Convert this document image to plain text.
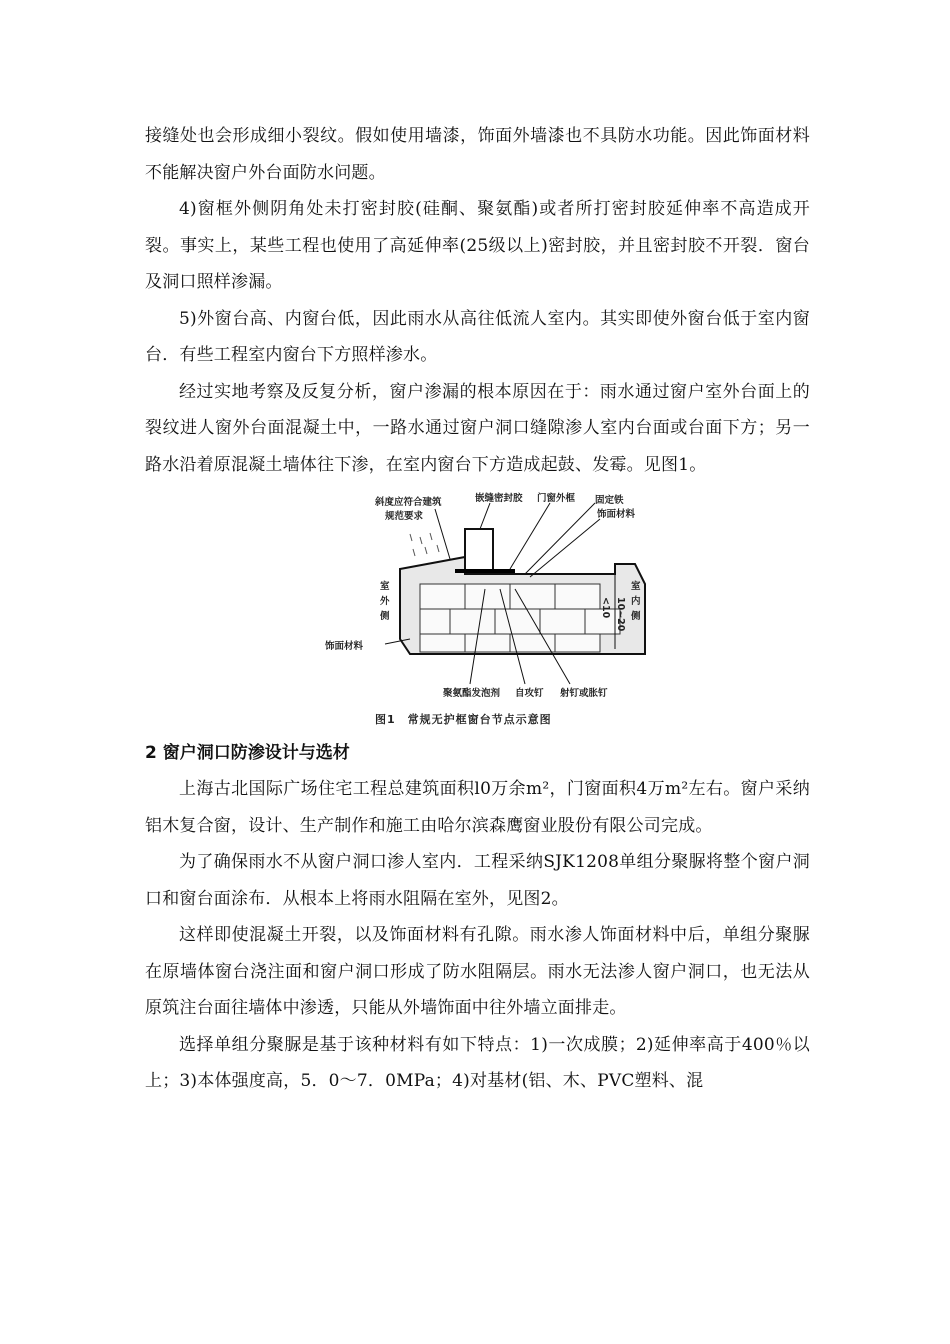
接缝处也会形成细小裂纹。假如使用墙漆，饰面外墙漆也不具防水功能。因此饰面材料不能解决窗户外台面防水问题。

4)窗框外侧阴角处未打密封胶(硅酮、聚氨酯)或者所打密封胶延伸率不高造成开裂。事实上，某些工程也使用了高延伸率(25级以上)密封胶，并且密封胶不开裂．窗台及洞口照样渗漏。

5)外窗台高、内窗台低，因此雨水从高往低流人室内。其实即使外窗台低于室内窗台．有些工程室内窗台下方照样渗水。

经过实地考察及反复分析，窗户渗漏的根本原因在于：雨水通过窗户室外台面上的裂纹进人窗外台面混凝土中，一路水通过窗户洞口缝隙渗人室内台面或台面下方；另一路水沿着原混凝土墙体往下渗，在室内窗台下方造成起鼓、发霉。见图1。

斜度应符合建筑
规范要求
嵌缝密封胶 门窗外框 固定铁
饰面材料
室
外
侧
室
内
侧
饰面材料
聚氨酯发泡剂 自攻钉 射钉或胀钉
<10 10~20
图1　常规无护框窗台节点示意图
2 窗户洞口防渗设计与选材

上海古北国际广场住宅工程总建筑面积l0万余m²，门窗面积4万m²左右。窗户采纳铝木复合窗，设计、生产制作和施工由哈尔滨森鹰窗业股份有限公司完成。

为了确保雨水不从窗户洞口渗人室内．工程采纳SJK1208单组分聚脲将整个窗户洞口和窗台面涂布．从根本上将雨水阻隔在室外，见图2。

这样即使混凝土开裂，以及饰面材料有孔隙。雨水渗人饰面材料中后，单组分聚脲在原墙体窗台浇注面和窗户洞口形成了防水阻隔层。雨水无法渗人窗户洞口，也无法从原筑注台面往墙体中渗透，只能从外墙饰面中往外墙立面排走。

选择单组分聚脲是基于该种材料有如下特点：1)一次成膜；2)延伸率高于400％以上；3)本体强度高，5．0～7．0MPa；4)对基材(铝、木、PVC塑料、混
